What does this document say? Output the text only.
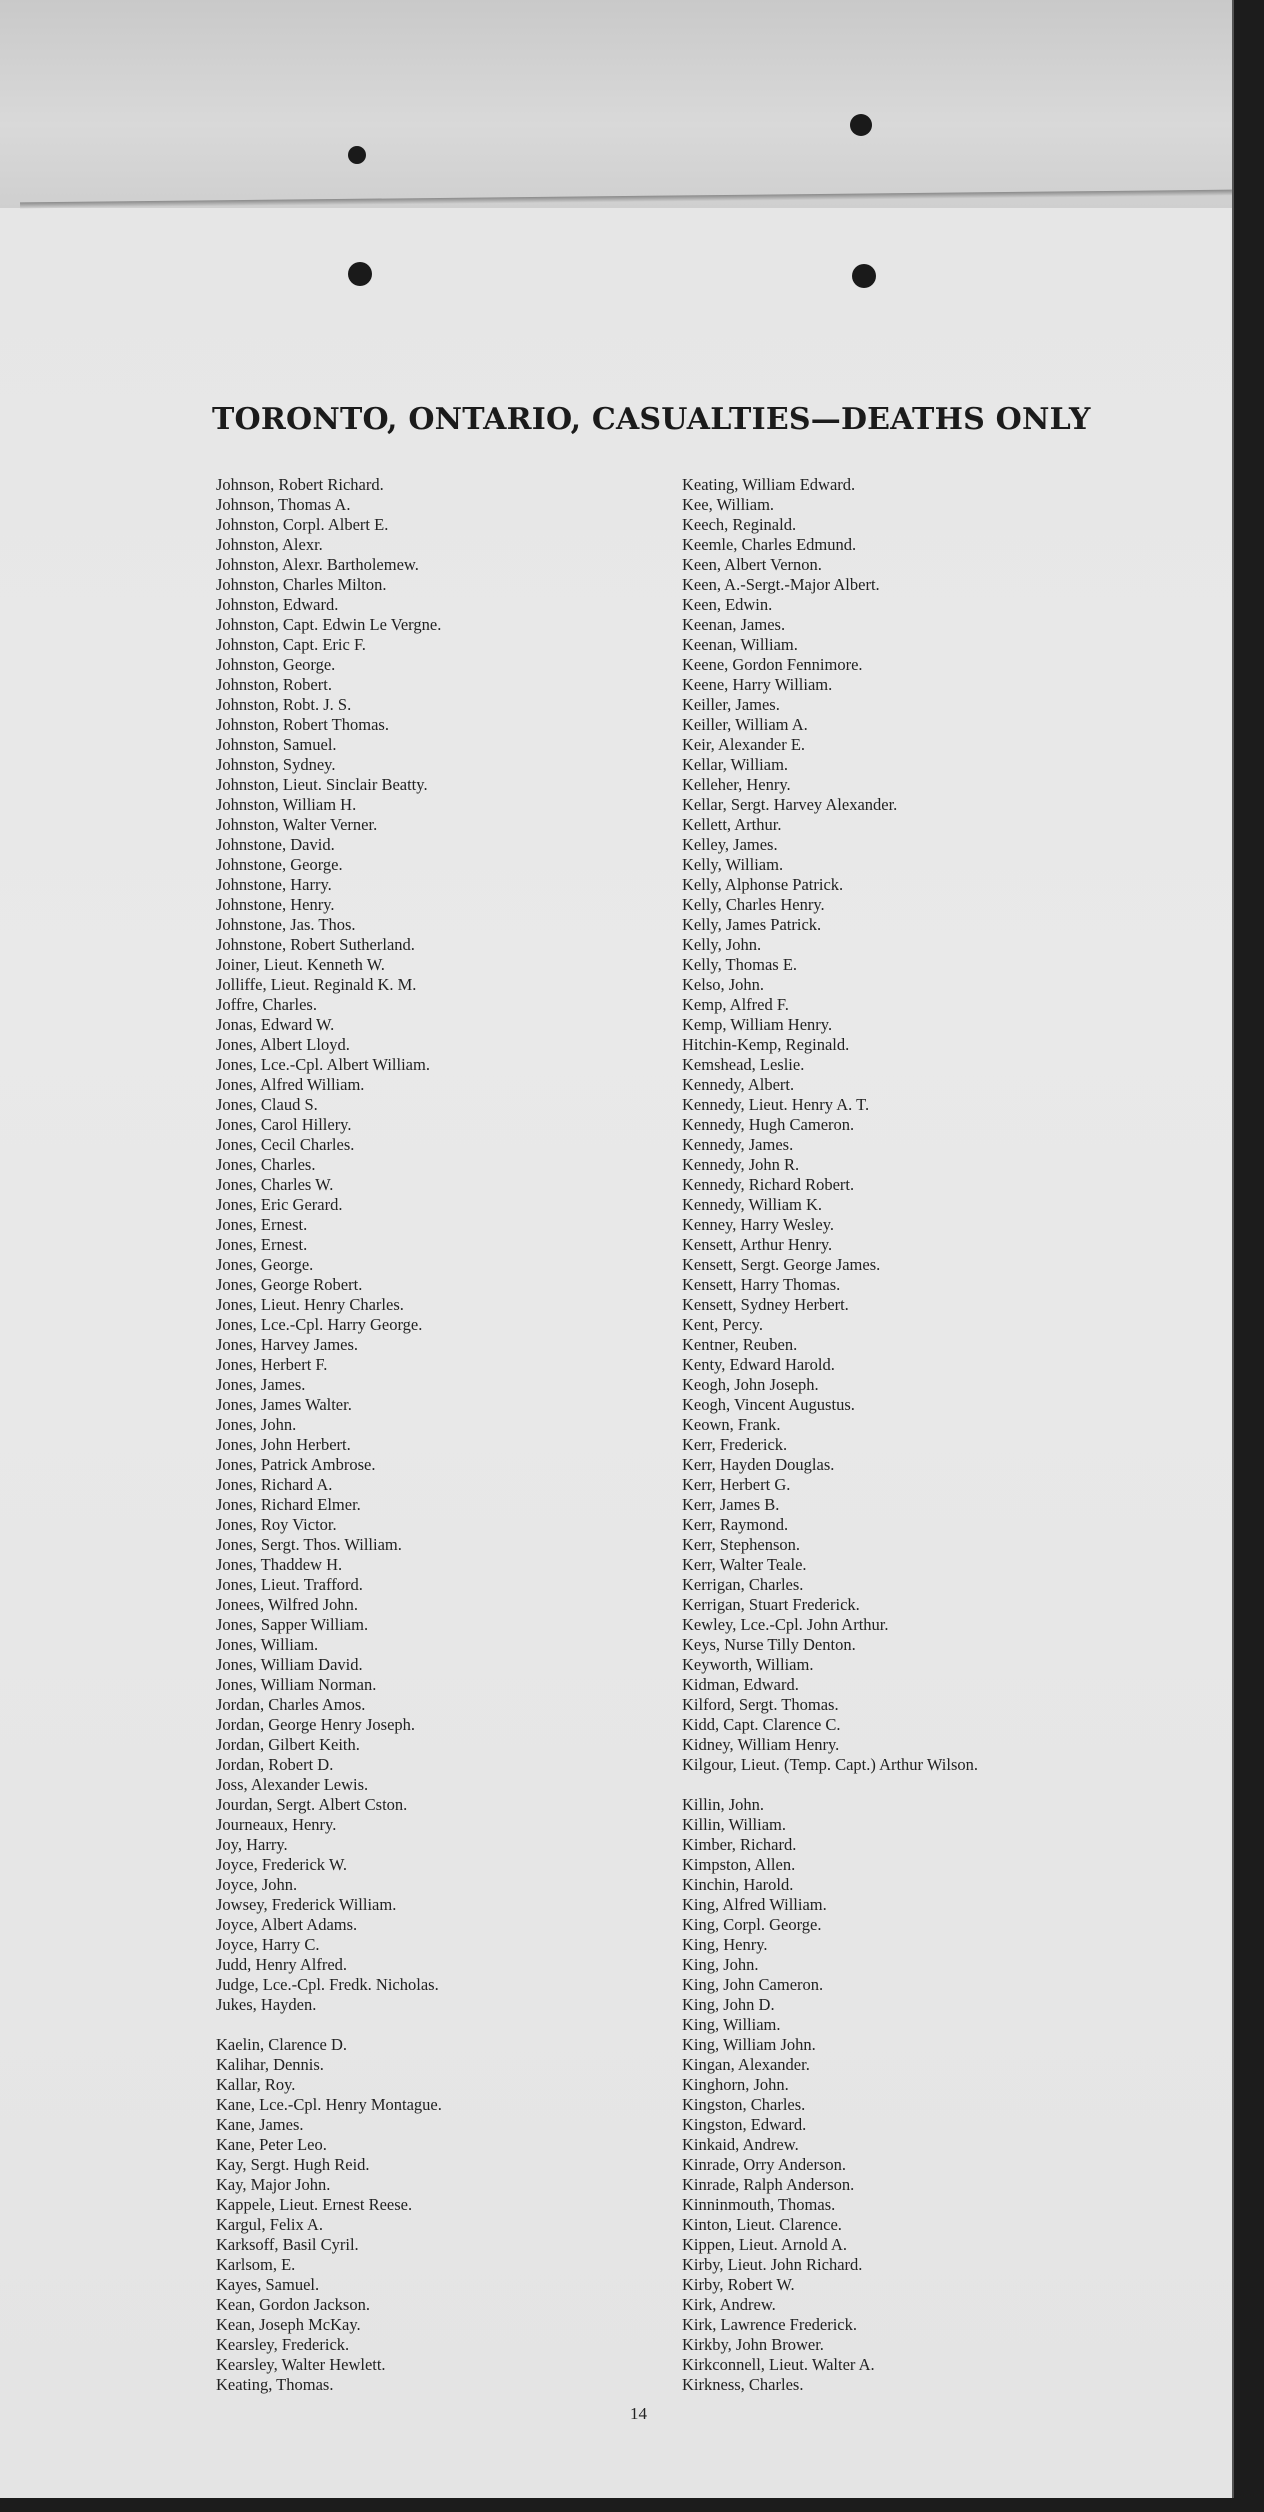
TORONTO, ONTARIO, CASUALTIES—DEATHS ONLY
Johnson, Robert Richard.
Johnson, Thomas A.
Johnston, Corpl. Albert E.
Johnston, Alexr.
Johnston, Alexr. Bartholemew.
Johnston, Charles Milton.
Johnston, Edward.
Johnston, Capt. Edwin Le Vergne.
Johnston, Capt. Eric F.
Johnston, George.
Johnston, Robert.
Johnston, Robt. J. S.
Johnston, Robert Thomas.
Johnston, Samuel.
Johnston, Sydney.
Johnston, Lieut. Sinclair Beatty.
Johnston, William H.
Johnston, Walter Verner.
Johnstone, David.
Johnstone, George.
Johnstone, Harry.
Johnstone, Henry.
Johnstone, Jas. Thos.
Johnstone, Robert Sutherland.
Joiner, Lieut. Kenneth W.
Jolliffe, Lieut. Reginald K. M.
Joffre, Charles.
Jonas, Edward W.
Jones, Albert Lloyd.
Jones, Lce.-Cpl. Albert William.
Jones, Alfred William.
Jones, Claud S.
Jones, Carol Hillery.
Jones, Cecil Charles.
Jones, Charles.
Jones, Charles W.
Jones, Eric Gerard.
Jones, Ernest.
Jones, Ernest.
Jones, George.
Jones, George Robert.
Jones, Lieut. Henry Charles.
Jones, Lce.-Cpl. Harry George.
Jones, Harvey James.
Jones, Herbert F.
Jones, James.
Jones, James Walter.
Jones, John.
Jones, John Herbert.
Jones, Patrick Ambrose.
Jones, Richard A.
Jones, Richard Elmer.
Jones, Roy Victor.
Jones, Sergt. Thos. William.
Jones, Thaddew H.
Jones, Lieut. Trafford.
Jonees, Wilfred John.
Jones, Sapper William.
Jones, William.
Jones, William David.
Jones, William Norman.
Jordan, Charles Amos.
Jordan, George Henry Joseph.
Jordan, Gilbert Keith.
Jordan, Robert D.
Joss, Alexander Lewis.
Jourdan, Sergt. Albert Cston.
Journeaux, Henry.
Joy, Harry.
Joyce, Frederick W.
Joyce, John.
Jowsey, Frederick William.
Joyce, Albert Adams.
Joyce, Harry C.
Judd, Henry Alfred.
Judge, Lce.-Cpl. Fredk. Nicholas.
Jukes, Hayden.
Kaelin, Clarence D.
Kalihar, Dennis.
Kallar, Roy.
Kane, Lce.-Cpl. Henry Montague.
Kane, James.
Kane, Peter Leo.
Kay, Sergt. Hugh Reid.
Kay, Major John.
Kappele, Lieut. Ernest Reese.
Kargul, Felix A.
Karksoff, Basil Cyril.
Karlsom, E.
Kayes, Samuel.
Kean, Gordon Jackson.
Kean, Joseph McKay.
Kearsley, Frederick.
Kearsley, Walter Hewlett.
Keating, Thomas.
Keating, William Edward.
Kee, William.
Keech, Reginald.
Keemle, Charles Edmund.
Keen, Albert Vernon.
Keen, A.-Sergt.-Major Albert.
Keen, Edwin.
Keenan, James.
Keenan, William.
Keene, Gordon Fennimore.
Keene, Harry William.
Keiller, James.
Keiller, William A.
Keir, Alexander E.
Kellar, William.
Kelleher, Henry.
Kellar, Sergt. Harvey Alexander.
Kellett, Arthur.
Kelley, James.
Kelly, William.
Kelly, Alphonse Patrick.
Kelly, Charles Henry.
Kelly, James Patrick.
Kelly, John.
Kelly, Thomas E.
Kelso, John.
Kemp, Alfred F.
Kemp, William Henry.
Hitchin-Kemp, Reginald.
Kemshead, Leslie.
Kennedy, Albert.
Kennedy, Lieut. Henry A. T.
Kennedy, Hugh Cameron.
Kennedy, James.
Kennedy, John R.
Kennedy, Richard Robert.
Kennedy, William K.
Kenney, Harry Wesley.
Kensett, Arthur Henry.
Kensett, Sergt. George James.
Kensett, Harry Thomas.
Kensett, Sydney Herbert.
Kent, Percy.
Kentner, Reuben.
Kenty, Edward Harold.
Keogh, John Joseph.
Keogh, Vincent Augustus.
Keown, Frank.
Kerr, Frederick.
Kerr, Hayden Douglas.
Kerr, Herbert G.
Kerr, James B.
Kerr, Raymond.
Kerr, Stephenson.
Kerr, Walter Teale.
Kerrigan, Charles.
Kerrigan, Stuart Frederick.
Kewley, Lce.-Cpl. John Arthur.
Keys, Nurse Tilly Denton.
Keyworth, William.
Kidman, Edward.
Kilford, Sergt. Thomas.
Kidd, Capt. Clarence C.
Kidney, William Henry.
Kilgour, Lieut. (Temp. Capt.) Arthur Wilson.
Killin, John.
Killin, William.
Kimber, Richard.
Kimpston, Allen.
Kinchin, Harold.
King, Alfred William.
King, Corpl. George.
King, Henry.
King, John.
King, John Cameron.
King, John D.
King, William.
King, William John.
Kingan, Alexander.
Kinghorn, John.
Kingston, Charles.
Kingston, Edward.
Kinkaid, Andrew.
Kinrade, Orry Anderson.
Kinrade, Ralph Anderson.
Kinninmouth, Thomas.
Kinton, Lieut. Clarence.
Kippen, Lieut. Arnold A.
Kirby, Lieut. John Richard.
Kirby, Robert W.
Kirk, Andrew.
Kirk, Lawrence Frederick.
Kirkby, John Brower.
Kirkconnell, Lieut. Walter A.
Kirkness, Charles.
14
